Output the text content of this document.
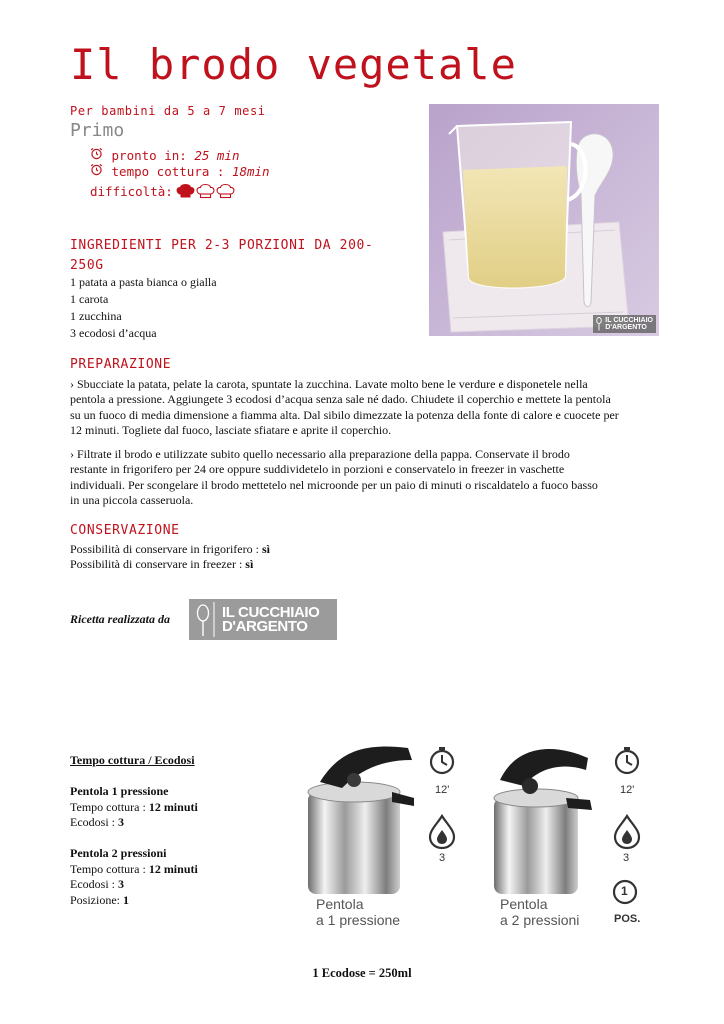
Il brodo vegetale
Per bambini da 5 a 7 mesi
Primo
pronto in: 25 min
tempo cottura : 18min
difficoltà:
IL CUCCHIAIO
D'ARGENTO
INGREDIENTI PER 2-3 PORZIONI DA 200-
250G
1 patata a pasta bianca o gialla
1 carota
1 zucchina
3 ecodosi d’acqua
PREPARAZIONE
› Sbucciate la patata, pelate la carota, spuntate la zucchina. Lavate molto bene le verdure e disponetele nella
pentola a pressione. Aggiungete 3 ecodosi d’acqua senza sale né dado. Chiudete il coperchio e mettete la pentola
su un fuoco di media dimensione a fiamma alta. Dal sibilo dimezzate la potenza della fonte di calore e cuocete per
12 minuti. Togliete dal fuoco, lasciate sfiatare e aprite il coperchio.
› Filtrate il brodo e utilizzate subito quello necessario alla preparazione della pappa. Conservate il brodo
restante in frigorifero per 24 ore oppure suddividetelo in porzioni e conservatelo in freezer in vaschette
individuali. Per scongelare il brodo mettetelo nel microonde per un paio di minuti o riscaldatelo a fuoco basso
in una piccola casseruola.
CONSERVAZIONE
Possibilità di conservare in frigorifero : sì
Possibilità di conservare in freezer : sì
Ricetta realizzata da	IL CUCCHIAIO
D'ARGENTO
Tempo cottura / Ecodosi
Pentola 1 pressione
Tempo cottura : 12 minuti
Ecodosi : 3
Pentola 2 pressioni
Tempo cottura : 12 minuti
Ecodosi : 3
Posizione: 1
12'
3
12'
3
1
POS.
Pentola
a 1 pressione
Pentola
a 2 pressioni
1 Ecodose = 250ml
